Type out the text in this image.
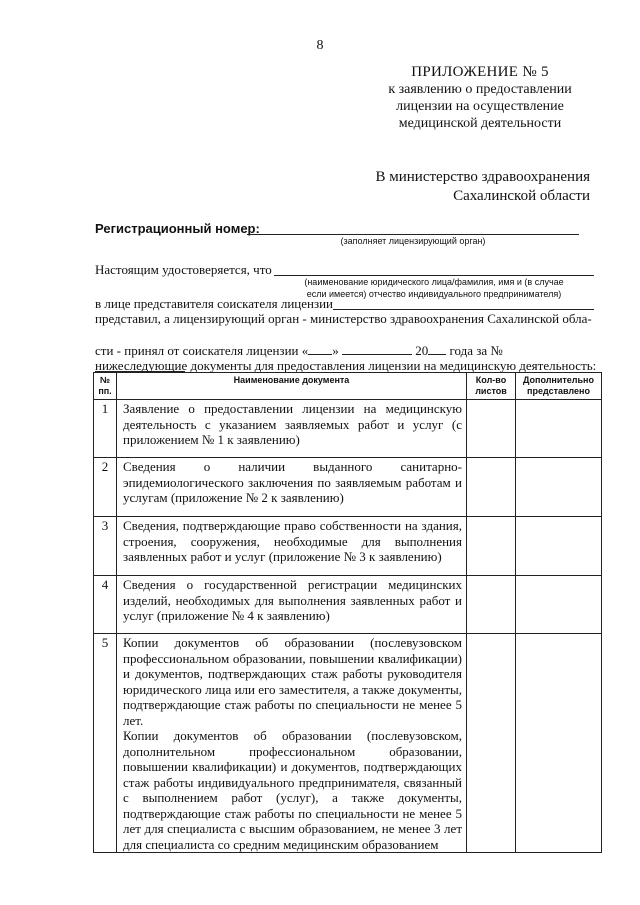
8
ПРИЛОЖЕНИЕ № 5
к заявлению о предоставлении
лицензии на осуществление
медицинской деятельности
В министерство здравоохранения
Сахалинской области
Регистрационный номер:
(заполняет лицензирующий орган)
Настоящим удостоверяется, что
(наименование юридического лица/фамилия, имя и (в случае
если имеется) отчество индивидуального предпринимателя)
в лице представителя соискателя лицензии
представил, а лицензирующий орган - министерство здравоохранения Сахалинской обла-
сти - принял от соискателя лицензии « »	20 года за №
нижеследующие документы для предоставления лицензии на медицинскую деятельность:
№ пп.	Наименование документа	Кол-во листов	Дополнительно представлено
1	Заявление о предоставлении лицензии на медицинскую деятельность с указанием заявляемых работ и услуг (с приложением № 1 к заявлению)		
2	Сведения о наличии выданного санитарно-эпидемиологического заключения по заявляемым работам и услугам (приложение № 2 к заявлению)		
3	Сведения, подтверждающие право собственности на здания, строения, сооружения, необходимые для выполнения заявленных работ и услуг (приложение № 3 к заявлению)		
4	Сведения о государственной регистрации медицинских изделий, необходимых для выполнения заявленных работ и услуг (приложение № 4 к заявлению)		
5	Копии документов об образовании (послевузовском профессиональном образовании, повышении квалификации) и документов, подтверждающих стаж работы руководителя юридического лица или его заместителя, а также документы, подтверждающие стаж работы по специальности не менее 5 лет.
Копии документов об образовании (послевузовском, дополнительном профессиональном образовании, повышении квалификации) и документов, подтверждающих стаж работы индивидуального предпринимателя, связанный с выполнением работ (услуг), а также документы, подтверждающие стаж работы по специальности не менее 5 лет для специалиста с высшим образованием, не менее 3 лет для специалиста со средним медицинским образованием		
